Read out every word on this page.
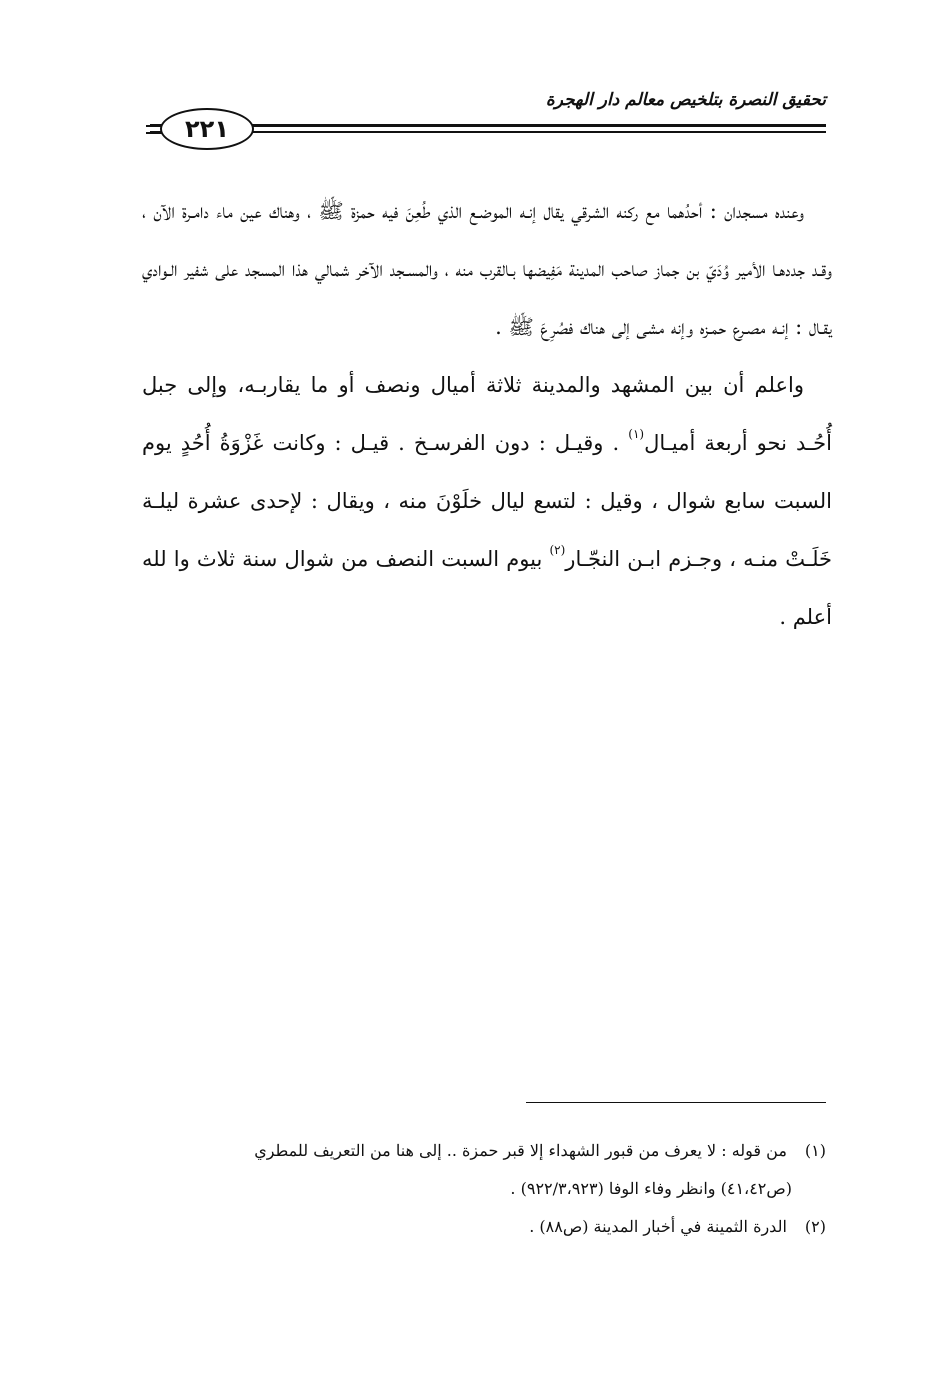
تحقيق النصرة بتلخيص معالم دار الهجرة
٢٢١

وعنده مسجدان : أحدُهما مع ركنه الشرقي يقال إنـه الموضـع الذي طُعِنَ فيه حمزة ﷺ ، وهناك عين ماء دامـرة الآن ، وقـد جددهـا الأمير وُدَيّ بن جماز صاحب المدينة مَفِيضها بـالقرب منه ، والمسـجد الآخر شمالي هذا المسجد على شفير الـوادي يقـال : إنـه مصـرع حمـزه وإنه مشى إلى هناك فصُرِعَ ﷺ .

واعلم أن بين المشهد والمدينة ثلاثة أميال ونصف أو ما يقاربـه، وإلى جبل أُحُـد نحو أربعة أميـال$^{(١)}$ . وقيـل : دون الفرسـخ . قيـل : وكانت غَزْوَةُ أُحُدٍ يوم السبت سابع شوال ، وقيل : لتسع ليال خلَوْنَ منه ، ويقال : لإحدى عشرة ليلـة خَلَـتْ منـه ، وجـزم ابـن النجّـار$^{(٢)}$ بيوم السبت النصف من شوال سنة ثلاث وا لله أعلم .

(١) من قوله : لا يعرف من قبور الشهداء إلا قبر حمزة .. إلى هنا من التعريف للمطري

(ص٤١،٤٢) وانظر وفاء الوفا (٩٢٢/٣،٩٢٣) .

(٢) الدرة الثمينة في أخبار المدينة (ص٨٨) .
